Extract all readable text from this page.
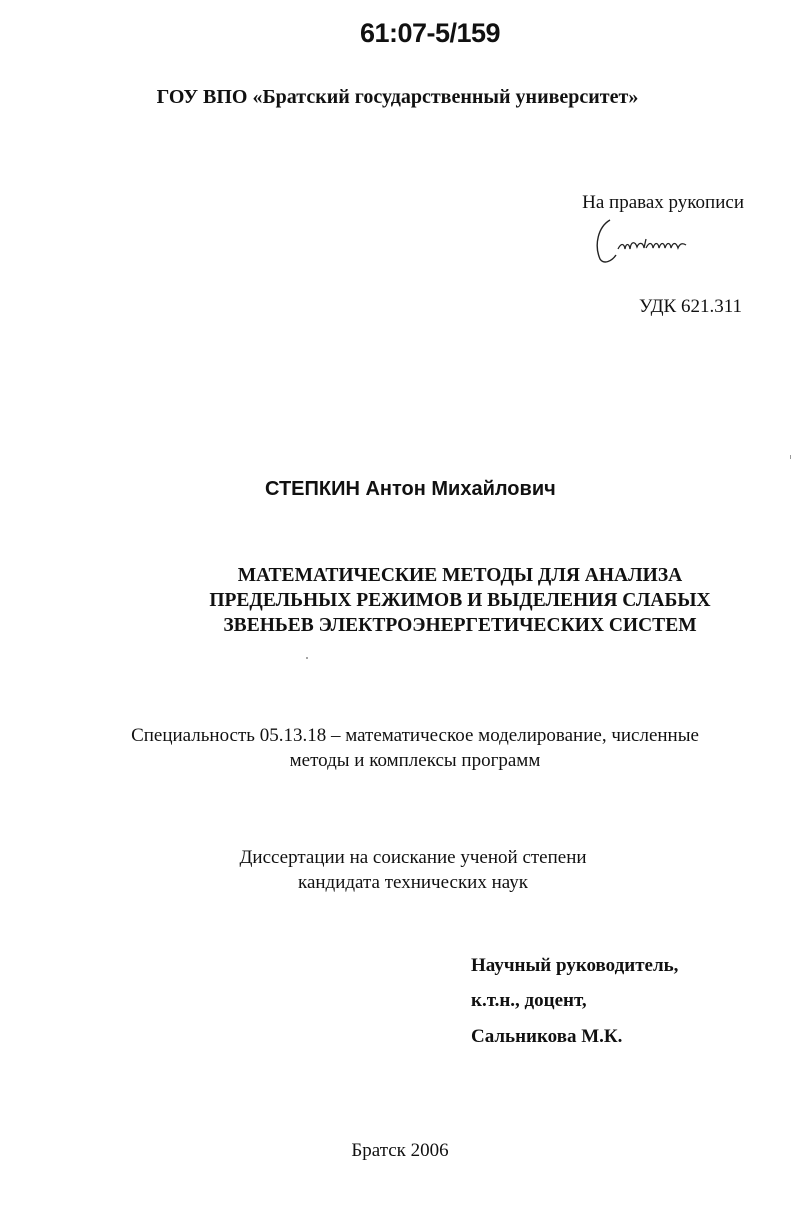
61:07-5/159
ГОУ ВПО «Братский государственный университет»
На правах рукописи
УДК 621.311
СТЕПКИН Антон Михайлович
МАТЕМАТИЧЕСКИЕ МЕТОДЫ ДЛЯ АНАЛИЗА
ПРЕДЕЛЬНЫХ РЕЖИМОВ И ВЫДЕЛЕНИЯ СЛАБЫХ
ЗВЕНЬЕВ ЭЛЕКТРОЭНЕРГЕТИЧЕСКИХ СИСТЕМ
Специальность 05.13.18 – математическое моделирование, численные
методы и комплексы программ
Диссертации на соискание ученой степени
кандидата технических наук
Научный руководитель,
к.т.н., доцент,
Сальникова М.К.
Братск 2006
